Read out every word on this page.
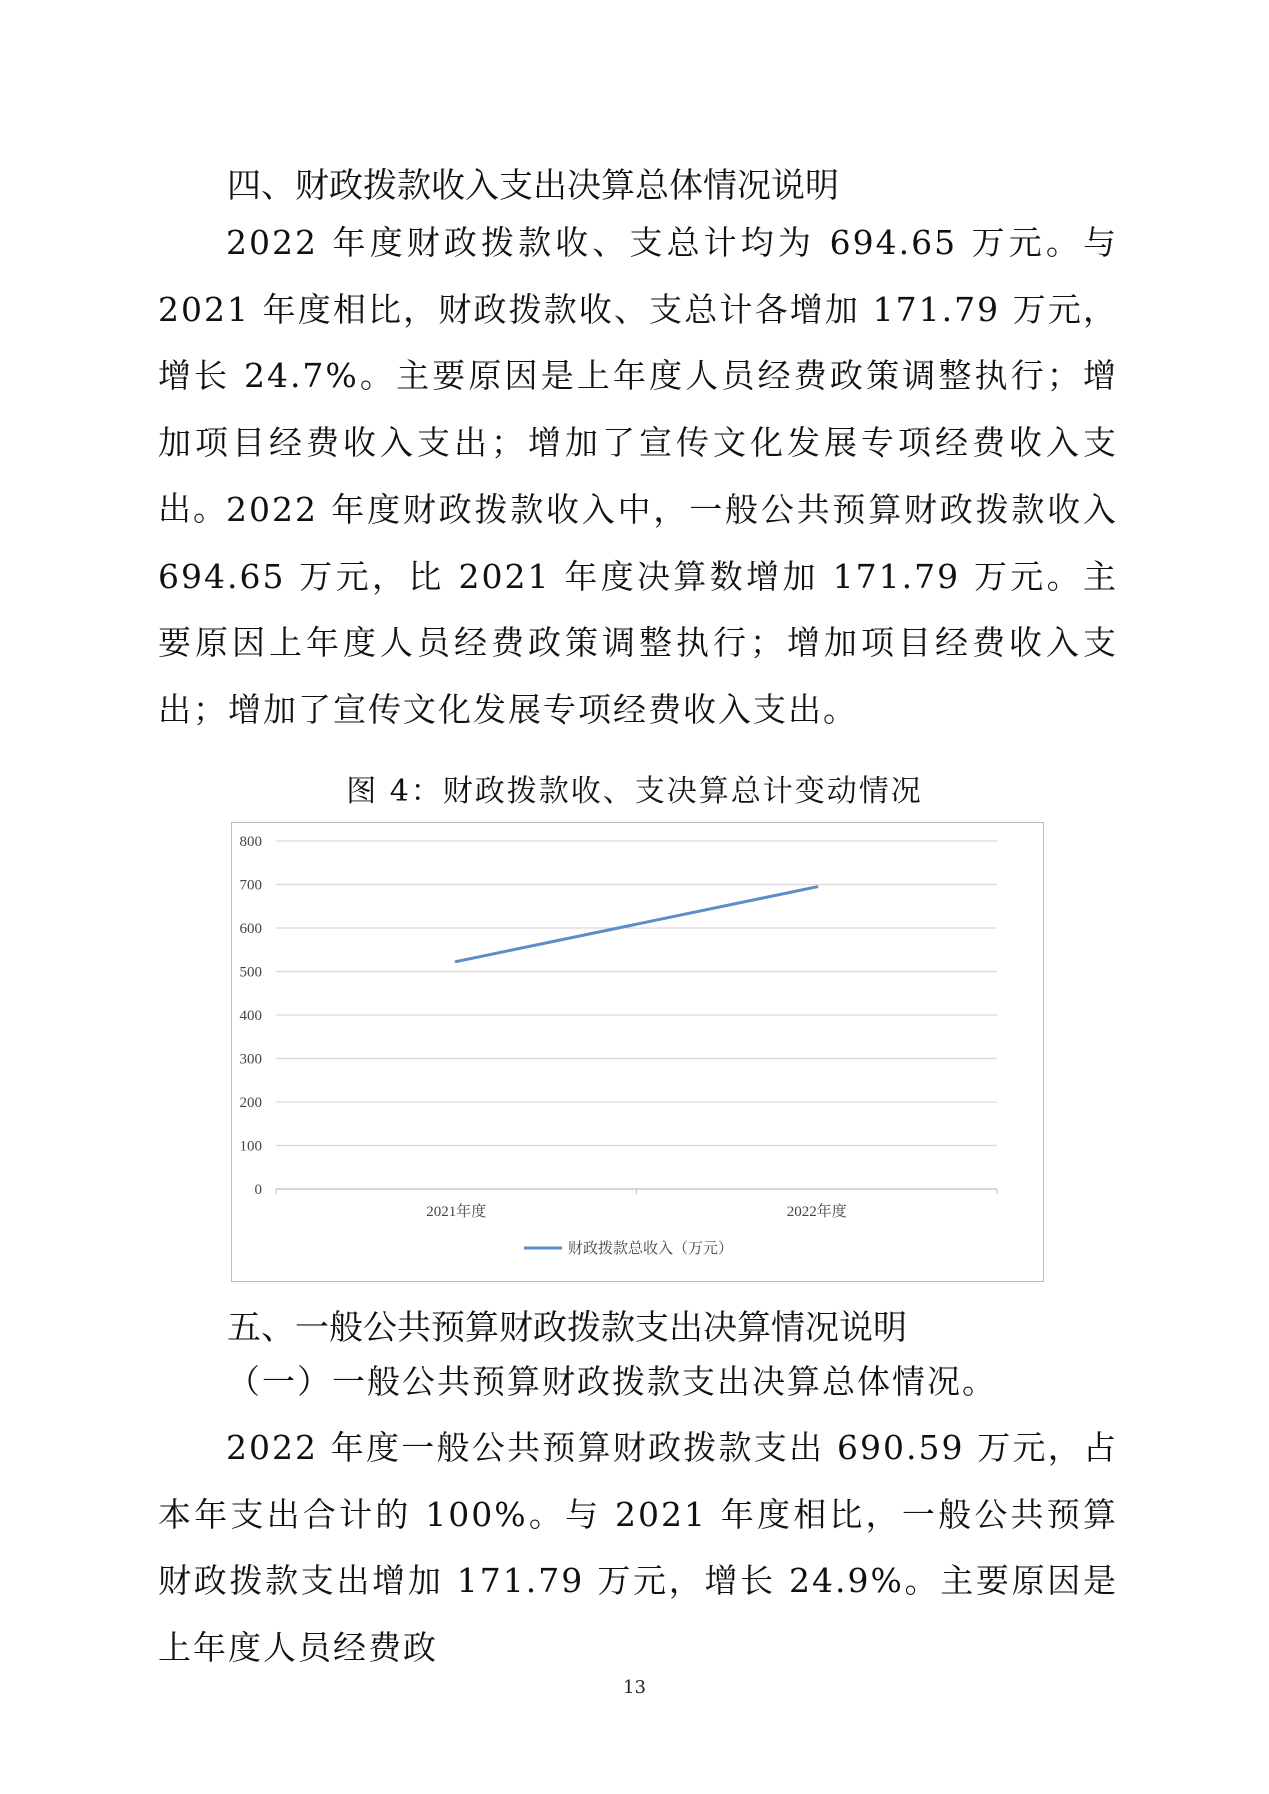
四、财政拨款收入支出决算总体情况说明
2022 年度财政拨款收、支总计均为 694.65 万元。与 2021 年度相比，财政拨款收、支总计各增加 171.79 万元，增长 24.7%。主要原因是上年度人员经费政策调整执行；增加项目经费收入支出；增加了宣传文化发展专项经费收入支出。
2022 年度财政拨款收入中，一般公共预算财政拨款收入 694.65 万元，比 2021 年度决算数增加 171.79 万元。主要原因上年度人员经费政策调整执行；增加项目经费收入支出；增加了宣传文化发展专项经费收入支出。
图 4：财政拨款收、支决算总计变动情况
0
100
200
300
400
500
600
700
800
2021年度	2022年度
财政拨款总收入（万元）
五、一般公共预算财政拨款支出决算情况说明
（一）一般公共预算财政拨款支出决算总体情况。
2022 年度一般公共预算财政拨款支出 690.59 万元，占本年支出合计的 100%。与 2021 年度相比，一般公共预算财政拨款支出增加 171.79 万元，增长 24.9%。主要原因是上年度人员经费政
13
